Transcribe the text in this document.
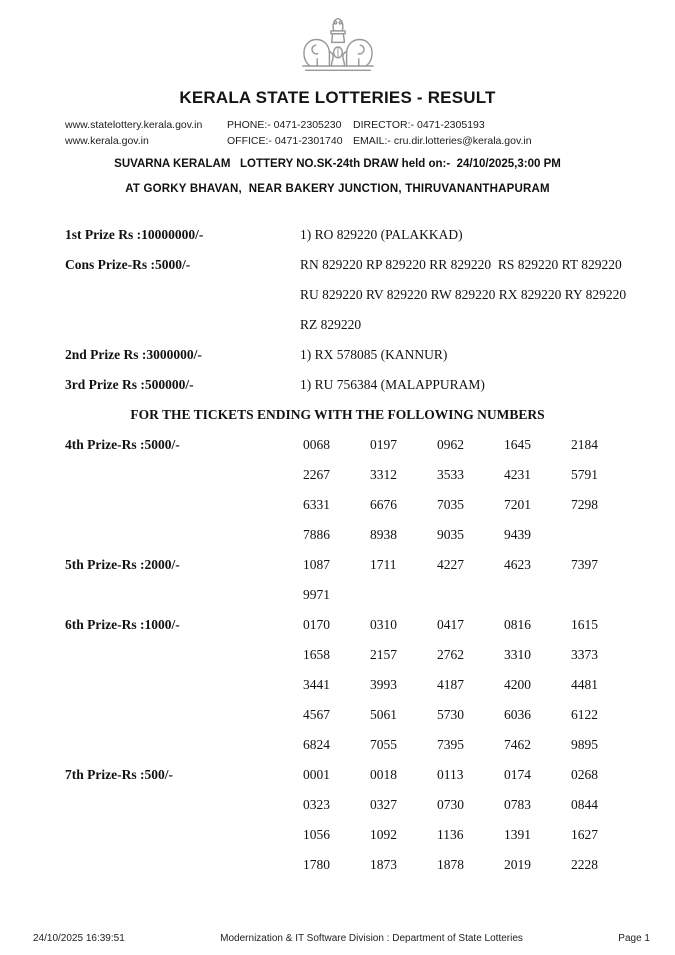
KERALA STATE LOTTERIES - RESULT
www.statelottery.kerala.gov.in	PHONE:- 0471-2305230	DIRECTOR:- 0471-2305193
www.kerala.gov.in	OFFICE:- 0471-2301740 EMAIL:- cru.dir.lotteries@kerala.gov.in
SUVARNA KERALAM   LOTTERY NO.SK-24th DRAW held on:-  24/10/2025,3:00 PM
AT GORKY BHAVAN,  NEAR BAKERY JUNCTION, THIRUVANANTHAPURAM
1st Prize Rs :10000000/-	1) RO 829220 (PALAKKAD)
Cons Prize-Rs :5000/-	RN 829220 RP 829220 RR 829220  RS 829220 RT 829220
RU 829220 RV 829220 RW 829220 RX 829220 RY 829220
RZ 829220
2nd Prize Rs :3000000/-	1) RX 578085 (KANNUR)
3rd Prize Rs :500000/-	1) RU 756384 (MALAPPURAM)
FOR THE TICKETS ENDING WITH THE FOLLOWING NUMBERS
4th Prize-Rs :5000/-	0068	0197	0962	1645	2184
2267	3312	3533	4231	5791
6331	6676	7035	7201	7298
7886	8938	9035	9439
5th Prize-Rs :2000/-	1087	1711	4227	4623	7397
9971
6th Prize-Rs :1000/-	0170	0310	0417	0816	1615
1658	2157	2762	3310	3373
3441	3993	4187	4200	4481
4567	5061	5730	6036	6122
6824	7055	7395	7462	9895
7th Prize-Rs :500/-	0001	0018	0113	0174	0268
0323	0327	0730	0783	0844
1056	1092	1136	1391	1627
1780	1873	1878	2019	2228
24/10/2025 16:39:51	Modernization & IT Software Division : Department of State Lotteries	Page 1
